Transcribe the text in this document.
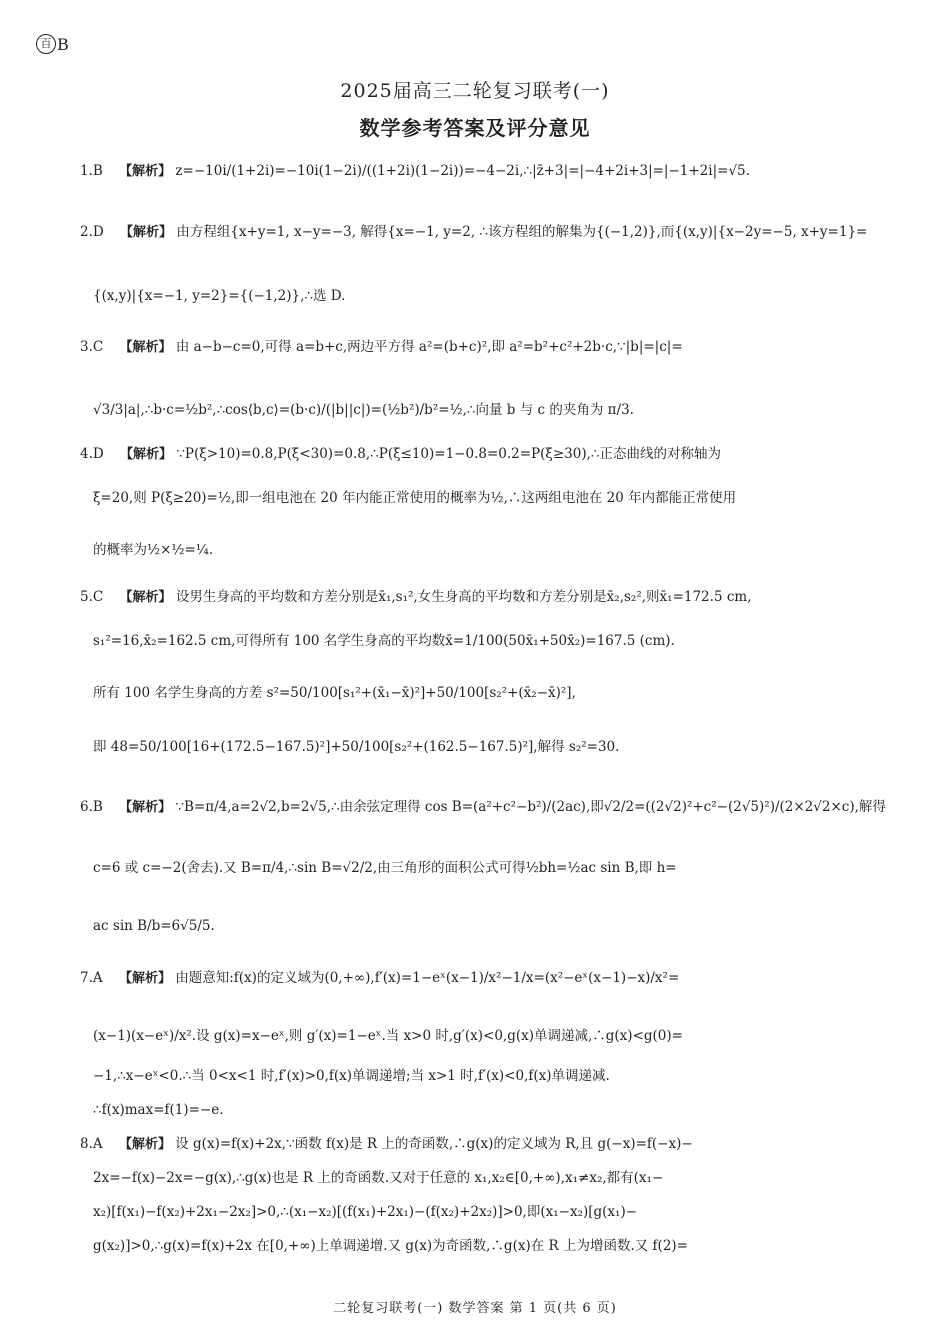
百 B
2025届高三二轮复习联考(一)
数学参考答案及评分意见
1.B 【解析】 z=−10i/(1+2i)=−10i(1−2i)/((1+2i)(1−2i))=−4−2i,∴|z̄+3|=|−4+2i+3|=|−1+2i|=√5.
2.D 【解析】 由方程组{x+y=1, x−y=−3, 解得{x=−1, y=2, ∴该方程组的解集为{(−1,2)},而{(x,y)|{x−2y=−5, x+y=1}=
{(x,y)|{x=−1, y=2}={(−1,2)},∴选 D.
3.C 【解析】 由 a−b−c=0,可得 a=b+c,两边平方得 a²=(b+c)²,即 a²=b²+c²+2b·c,∵|b|=|c|=
√3/3|a|,∴b·c=½b²,∴cos⟨b,c⟩=(b·c)/(|b||c|)=(½b²)/b²=½,∴向量 b 与 c 的夹角为 π/3.
4.D 【解析】 ∵P(ξ>10)=0.8,P(ξ<30)=0.8,∴P(ξ≤10)=1−0.8=0.2=P(ξ≥30),∴正态曲线的对称轴为
ξ=20,则 P(ξ≥20)=½,即一组电池在 20 年内能正常使用的概率为½,∴这两组电池在 20 年内都能正常使用
的概率为½×½=¼.
5.C 【解析】 设男生身高的平均数和方差分别是x̄₁,s₁²,女生身高的平均数和方差分别是x̄₂,s₂²,则x̄₁=172.5 cm,
s₁²=16,x̄₂=162.5 cm,可得所有 100 名学生身高的平均数x̄=1/100(50x̄₁+50x̄₂)=167.5 (cm).
所有 100 名学生身高的方差 s²=50/100[s₁²+(x̄₁−x̄)²]+50/100[s₂²+(x̄₂−x̄)²],
即 48=50/100[16+(172.5−167.5)²]+50/100[s₂²+(162.5−167.5)²],解得 s₂²=30.
6.B 【解析】 ∵B=π/4,a=2√2,b=2√5,∴由余弦定理得 cos B=(a²+c²−b²)/(2ac),即√2/2=((2√2)²+c²−(2√5)²)/(2×2√2×c),解得
c=6 或 c=−2(舍去).又 B=π/4,∴sin B=√2/2,由三角形的面积公式可得½bh=½ac sin B,即 h=
ac sin B/b=6√5/5.
7.A 【解析】 由题意知:f(x)的定义域为(0,+∞),f′(x)=1−eˣ(x−1)/x²−1/x=(x²−eˣ(x−1)−x)/x²=
(x−1)(x−eˣ)/x².设 g(x)=x−eˣ,则 g′(x)=1−eˣ.当 x>0 时,g′(x)<0,g(x)单调递减,∴g(x)<g(0)=
−1,∴x−eˣ<0.∴当 0<x<1 时,f′(x)>0,f(x)单调递增;当 x>1 时,f′(x)<0,f(x)单调递减.
∴f(x)max=f(1)=−e.
8.A 【解析】 设 g(x)=f(x)+2x,∵函数 f(x)是 R 上的奇函数,∴g(x)的定义域为 R,且 g(−x)=f(−x)−
2x=−f(x)−2x=−g(x),∴g(x)也是 R 上的奇函数.又对于任意的 x₁,x₂∈[0,+∞),x₁≠x₂,都有(x₁−
x₂)[f(x₁)−f(x₂)+2x₁−2x₂]>0,∴(x₁−x₂)[(f(x₁)+2x₁)−(f(x₂)+2x₂)]>0,即(x₁−x₂)[g(x₁)−
g(x₂)]>0,∴g(x)=f(x)+2x 在[0,+∞)上单调递增.又 g(x)为奇函数,∴g(x)在 R 上为增函数.又 f(2)=
二轮复习联考(一) 数学答案 第 1 页(共 6 页)
